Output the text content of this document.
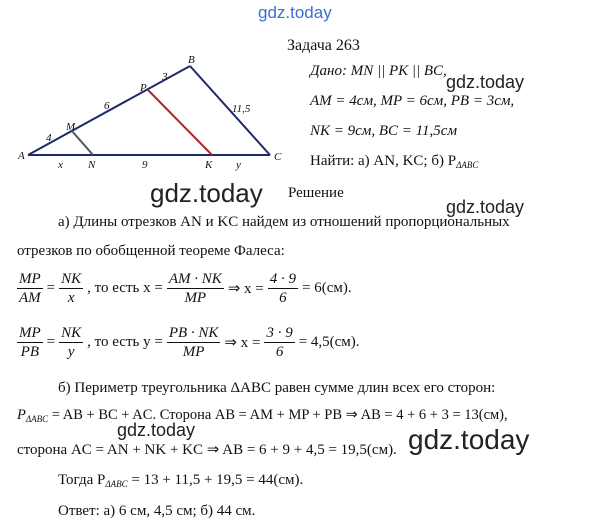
gdz.today
gdz.today
gdz.today	gdz.today
gdz.today	gdz.today
Задача 263
A
M
P
B
C
K
N
4
6
3
11,5
x	9	y
Дано: MN || PK || BC,
AM = 4см, MP = 6см, PB = 3см,
NK = 9см, BC = 11,5см
Найти: а) AN, KC; б) $P_{\Delta ABC}$
Решение
а) Длины отрезков AN и KC найдем из отношений пропорциональных
отрезков по обобщенной теореме Фалеса:
$\frac{MP}{AM} = \frac{NK}{x}$ , то есть $x = \frac{AM \cdot NK}{MP}$ ⇒ $x = \frac{4 \cdot 9}{6} = 6(см)$.
$\frac{MP}{PB} = \frac{NK}{y}$ , то есть $y = \frac{PB \cdot NK}{MP}$ ⇒ $x = \frac{3 \cdot 9}{6} = 4,5(см)$.
б) Периметр треугольника ΔABC равен сумме длин всех его сторон:
$P_{\Delta ABC}$ = AB + BC + AC. Сторона AB = AM + MP + PB ⇒ AB = 4 + 6 + 3 = 13(см),
сторона AC = AN + NK + KC ⇒ AB = 6 + 9 + 4,5 = 19,5(см).
Тогда $P_{\Delta ABC} = 13 + 11,5 + 19,5 = 44(см)$.
Ответ: а) 6 см, 4,5 см; б) 44 см.
